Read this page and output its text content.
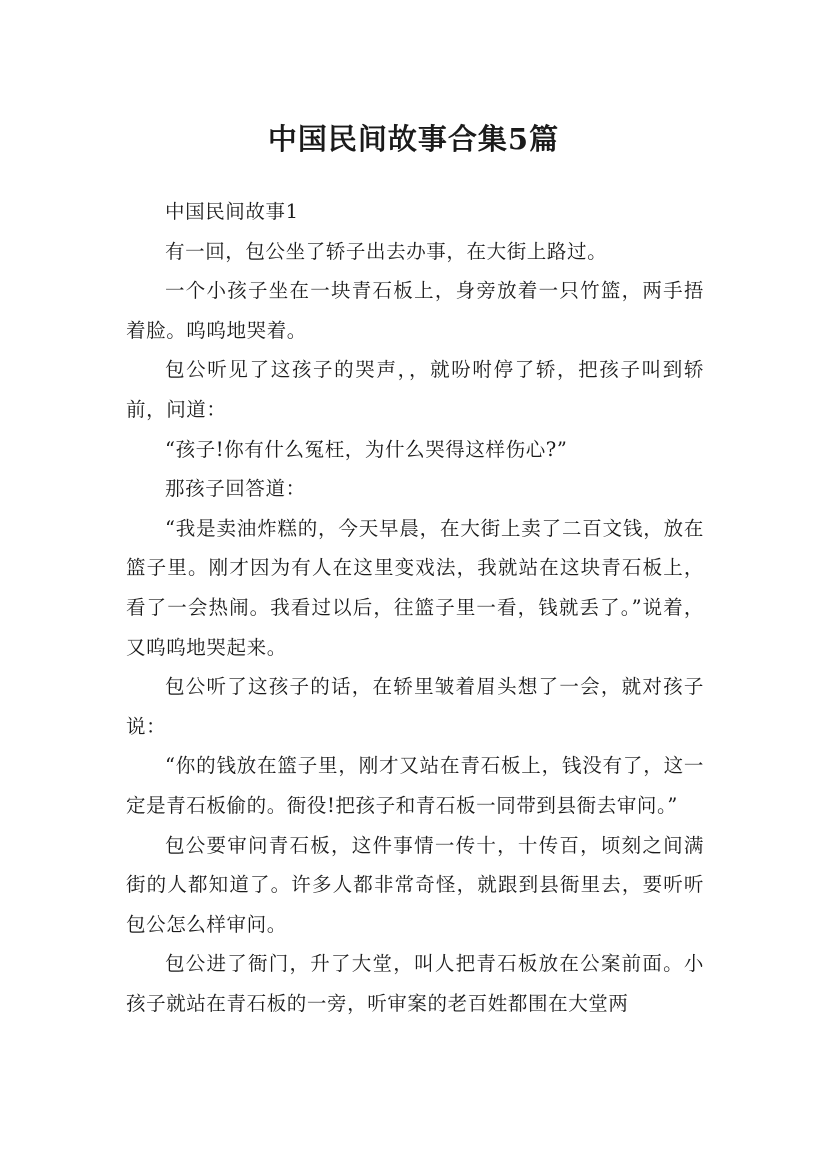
中国民间故事合集5篇

中国民间故事1

有一回，包公坐了轿子出去办事，在大街上路过。

一个小孩子坐在一块青石板上，身旁放着一只竹篮，两手捂着脸。呜呜地哭着。

包公听见了这孩子的哭声，，就吩咐停了轿，把孩子叫到轿前，问道：

“孩子!你有什么冤枉，为什么哭得这样伤心?”

那孩子回答道：

“我是卖油炸糕的，今天早晨，在大街上卖了二百文钱，放在篮子里。刚才因为有人在这里变戏法，我就站在这块青石板上，看了一会热闹。我看过以后，往篮子里一看，钱就丢了。”说着，又呜呜地哭起来。

包公听了这孩子的话，在轿里皱着眉头想了一会，就对孩子说：

“你的钱放在篮子里，刚才又站在青石板上，钱没有了，这一定是青石板偷的。衙役!把孩子和青石板一同带到县衙去审问。”

包公要审问青石板，这件事情一传十，十传百，顷刻之间满街的人都知道了。许多人都非常奇怪，就跟到县衙里去，要听听包公怎么样审问。

包公进了衙门，升了大堂，叫人把青石板放在公案前面。小孩子就站在青石板的一旁，听审案的老百姓都围在大堂两
